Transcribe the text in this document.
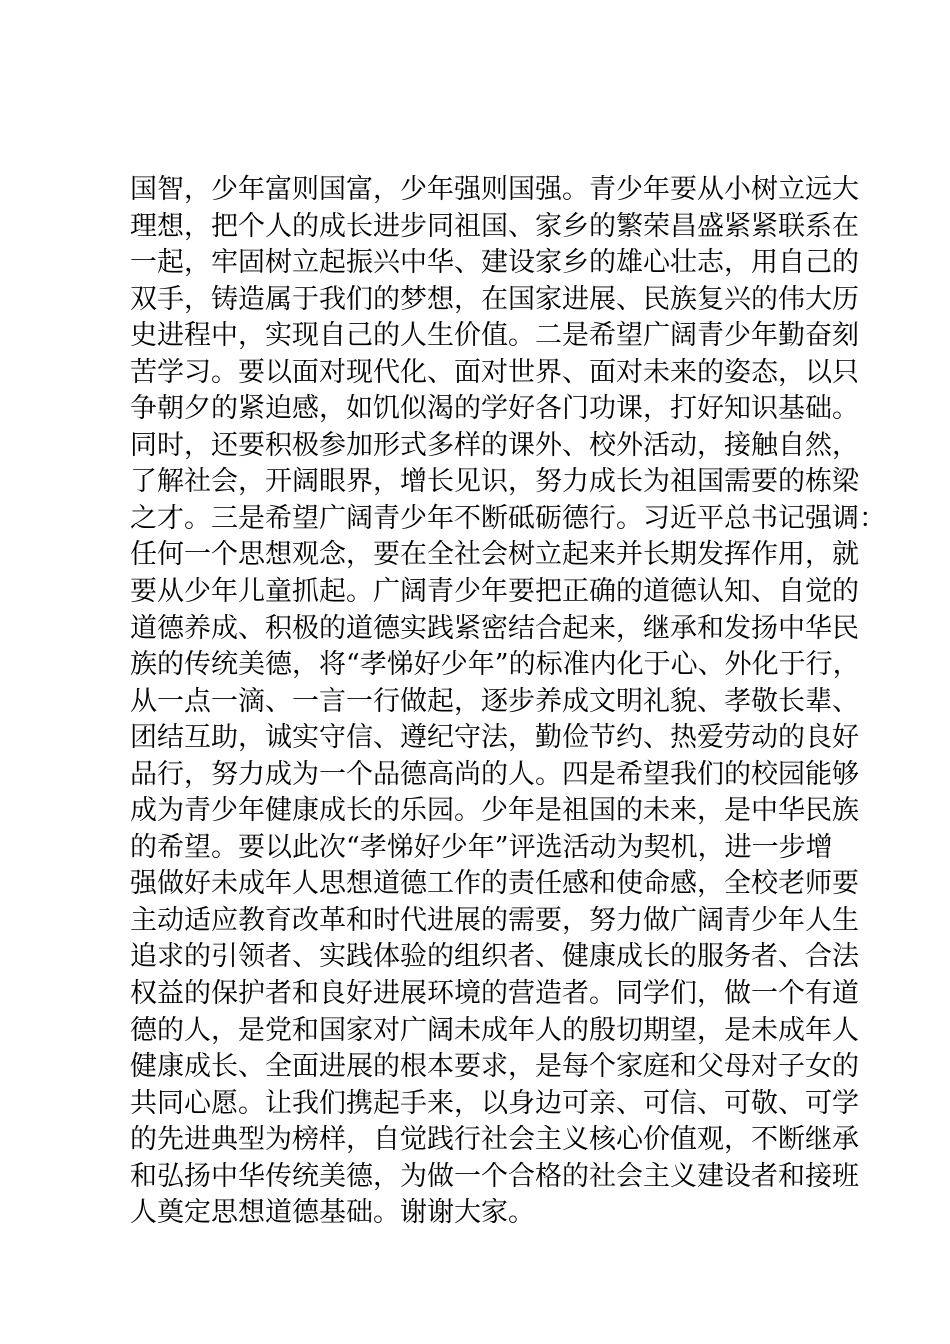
国智，少年富则国富，少年强则国强。青少年要从小树立远大
理想，把个人的成长进步同祖国、家乡的繁荣昌盛紧紧联系在
一起，牢固树立起振兴中华、建设家乡的雄心壮志，用自己的
双手，铸造属于我们的梦想，在国家进展、民族复兴的伟大历
史进程中，实现自己的人生价值。二是希望广阔青少年勤奋刻
苦学习。要以面对现代化、面对世界、面对未来的姿态，以只
争朝夕的紧迫感，如饥似渴的学好各门功课，打好知识基础。
同时，还要积极参加形式多样的课外、校外活动，接触自然，
了解社会，开阔眼界，增长见识，努力成长为祖国需要的栋梁
之才。三是希望广阔青少年不断砥砺德行。习近平总书记强调：
任何一个思想观念，要在全社会树立起来并长期发挥作用，就
要从少年儿童抓起。广阔青少年要把正确的道德认知、自觉的
道德养成、积极的道德实践紧密结合起来，继承和发扬中华民
族的传统美德，将“孝悌好少年”的标准内化于心、外化于行，
从一点一滴、一言一行做起，逐步养成文明礼貌、孝敬长辈、
团结互助，诚实守信、遵纪守法，勤俭节约、热爱劳动的良好
品行，努力成为一个品德高尚的人。四是希望我们的校园能够
成为青少年健康成长的乐园。少年是祖国的未来，是中华民族
的希望。要以此次“孝悌好少年”评选活动为契机，进一步增
强做好未成年人思想道德工作的责任感和使命感，全校老师要
主动适应教育改革和时代进展的需要，努力做广阔青少年人生
追求的引领者、实践体验的组织者、健康成长的服务者、合法
权益的保护者和良好进展环境的营造者。同学们，做一个有道
德的人，是党和国家对广阔未成年人的殷切期望，是未成年人
健康成长、全面进展的根本要求，是每个家庭和父母对子女的
共同心愿。让我们携起手来，以身边可亲、可信、可敬、可学
的先进典型为榜样，自觉践行社会主义核心价值观，不断继承
和弘扬中华传统美德，为做一个合格的社会主义建设者和接班
人奠定思想道德基础。谢谢大家。
